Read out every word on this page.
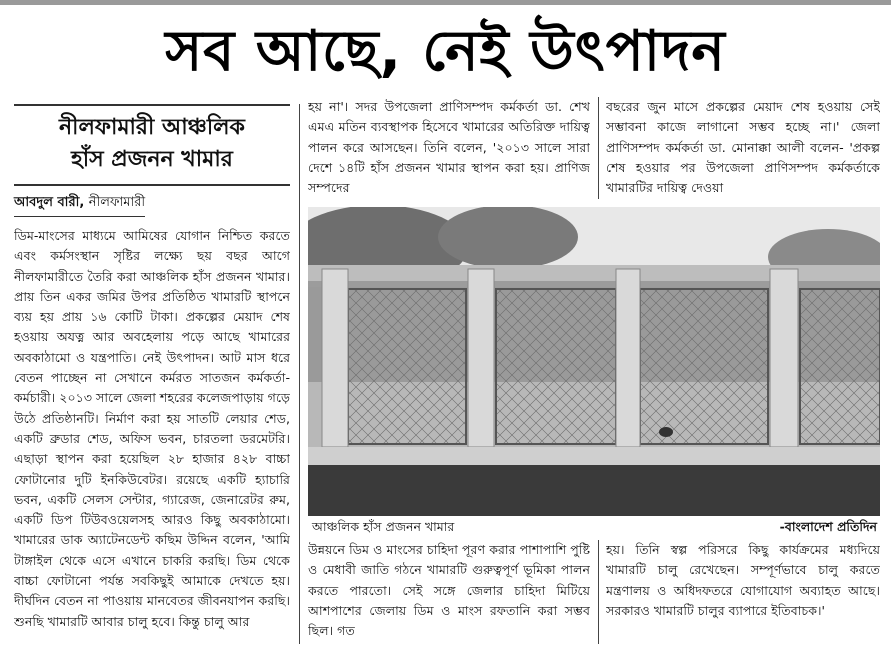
সব আছে, নেই উৎপাদন
নীলফামারী আঞ্চলিক
হাঁস প্রজনন খামার
আবদুল বারী, নীলফামারী

ডিম-মাংসের মাধ্যমে আমিষের যোগান নিশ্চিত করতে এবং কর্মসংস্থান সৃষ্টির লক্ষ্যে ছয় বছর আগে নীলফামারীতে তৈরি করা আঞ্চলিক হাঁস প্রজনন খামার। প্রায় তিন একর জমির উপর প্রতিষ্ঠিত খামারটি স্থাপনে ব্যয় হয় প্রায় ১৬ কোটি টাকা। প্রকল্পের মেয়াদ শেষ হওয়ায় অযত্ন আর অবহেলায় পড়ে আছে খামারের অবকাঠামো ও যন্ত্রপাতি। নেই উৎপাদন। আট মাস ধরে বেতন পাচ্ছেন না সেখানে কর্মরত সাতজন কর্মকর্তা-কর্মচারী। ২০১৩ সালে জেলা শহরের কলেজপাড়ায় গড়ে উঠে প্রতিষ্ঠানটি। নির্মাণ করা হয় সাতটি লেয়ার শেড, একটি ব্রুডার শেড, অফিস ভবন, চারতলা ডরমেটরি। এছাড়া স্থাপন করা হয়েছিল ২৮ হাজার ৪২৮ বাচ্চা ফোটানোর দুটি ইনকিউবেটর। রয়েছে একটি হ্যাচারি ভবন, একটি সেলস সেন্টার, গ্যারেজ, জেনারেটর রুম, একটি ডিপ টিউবওয়েলসহ আরও কিছু অবকাঠামো। খামারের ডাক অ্যাটেনডেন্ট কছিম উদ্দিন বলেন, 'আমি টাঙ্গাইল থেকে এসে এখানে চাকরি করছি। ডিম থেকে বাচ্চা ফোটানো পর্যন্ত সবকিছুই আমাকে দেখতে হয়। দীর্ঘদিন বেতন না পাওয়ায় মানবেতর জীবনযাপন করছি। শুনছি খামারটি আবার চালু হবে। কিন্তু চালু আর

হয় না'। সদর উপজেলা প্রাণিসম্পদ কর্মকর্তা ডা. শেখ এমএ মতিন ব্যবস্থাপক হিসেবে খামারের অতিরিক্ত দায়িত্ব পালন করে আসছেন। তিনি বলেন, '২০১৩ সালে সারা দেশে ১৪টি হাঁস প্রজনন খামার স্থাপন করা হয়। প্রাণিজ সম্পদের

বছরের জুন মাসে প্রকল্পের মেয়াদ শেষ হওয়ায় সেই সম্ভাবনা কাজে লাগানো সম্ভব হচ্ছে না।' জেলা প্রাণিসম্পদ কর্মকর্তা ডা. মোনাক্কা আলী বলেন- 'প্রকল্প শেষ হওয়ার পর উপজেলা প্রাণিসম্পদ কর্মকর্তাকে খামারটির দায়িত্ব দেওয়া

আঞ্চলিক হাঁস প্রজনন খামার	-বাংলাদেশ প্রতিদিন

উন্নয়নে ডিম ও মাংসের চাহিদা পূরণ করার পাশাপাশি পুষ্টি ও মেধাবী জাতি গঠনে খামারটি গুরুত্বপূর্ণ ভূমিকা পালন করতে পারতো। সেই সঙ্গে জেলার চাহিদা মিটিয়ে আশপাশের জেলায় ডিম ও মাংস রফতানি করা সম্ভব ছিল। গত

হয়। তিনি স্বল্প পরিসরে কিছু কার্যক্রমের মধ্যদিয়ে খামারটি চালু রেখেছেন। সম্পূর্ণভাবে চালু করতে মন্ত্রণালয় ও অধিদফতরে যোগাযোগ অব্যাহত আছে। সরকারও খামারটি চালুর ব্যাপারে ইতিবাচক।'
